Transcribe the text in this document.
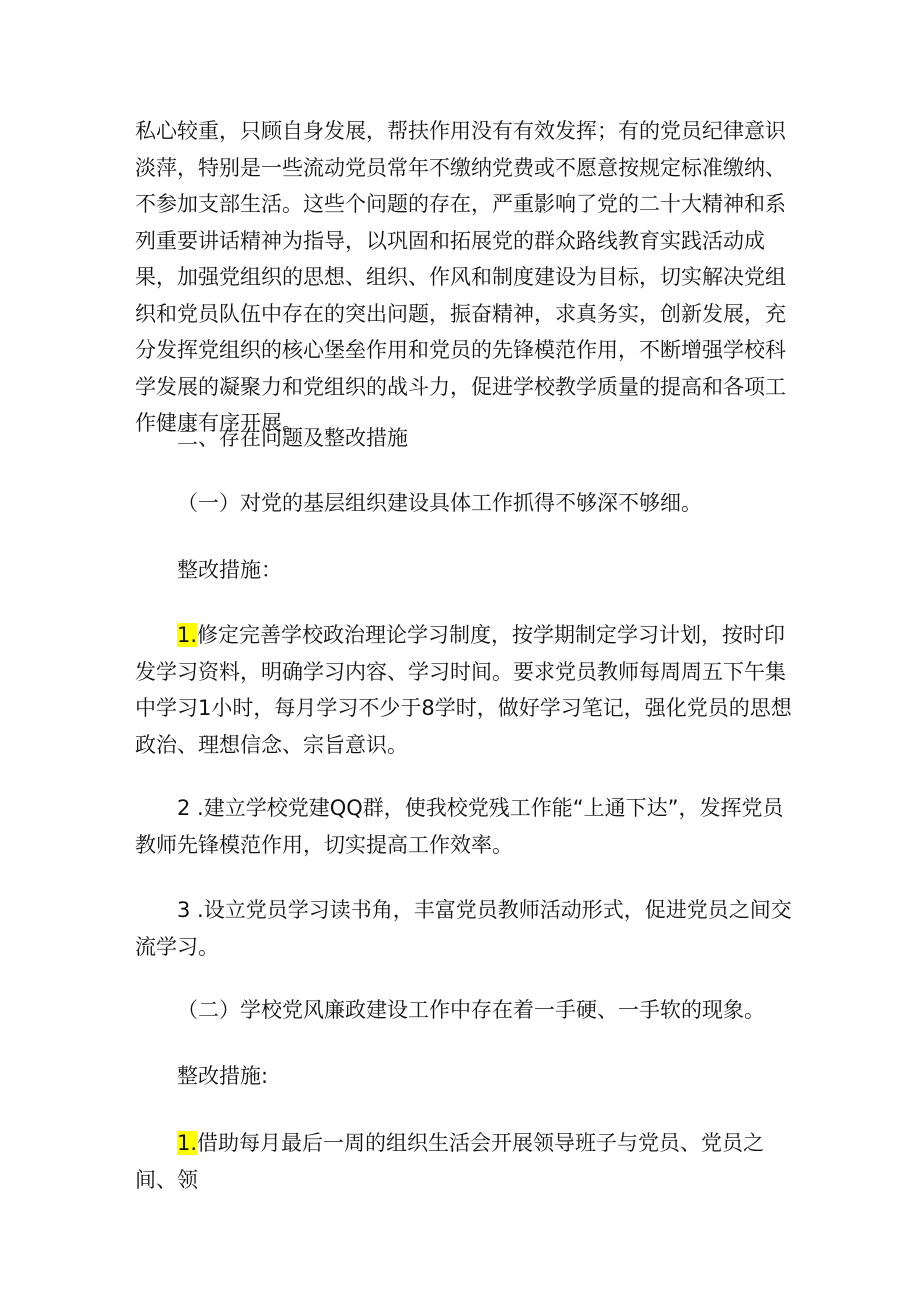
私心较重，只顾自身发展，帮扶作用没有有效发挥；有的党员纪律意识淡萍，特别是一些流动党员常年不缴纳党费或不愿意按规定标准缴纳、不参加支部生活。这些个问题的存在，严重影响了党的二十大精神和系列重要讲话精神为指导，以巩固和拓展党的群众路线教育实践活动成果，加强党组织的思想、组织、作风和制度建设为目标，切实解决党组织和党员队伍中存在的突出问题，振奋精神，求真务实，创新发展，充分发挥党组织的核心堡垒作用和党员的先锋模范作用，不断增强学校科学发展的凝聚力和党组织的战斗力，促进学校教学质量的提高和各项工作健康有序开展。

二、存在问题及整改措施

（一）对党的基层组织建设具体工作抓得不够深不够细。

整改措施：

1.修定完善学校政治理论学习制度，按学期制定学习计划，按时印发学习资料，明确学习内容、学习时间。要求党员教师每周周五下午集中学习1小时，每月学习不少于8学时，做好学习笔记，强化党员的思想政治、理想信念、宗旨意识。

2 .建立学校党建QQ群，使我校党残工作能“上通下达”，发挥党员教师先锋模范作用，切实提高工作效率。

3 .设立党员学习读书角，丰富党员教师活动形式，促进党员之间交流学习。

（二）学校党风廉政建设工作中存在着一手硬、一手软的现象。

整改措施:

1.借助每月最后一周的组织生活会开展领导班子与党员、党员之间、领
